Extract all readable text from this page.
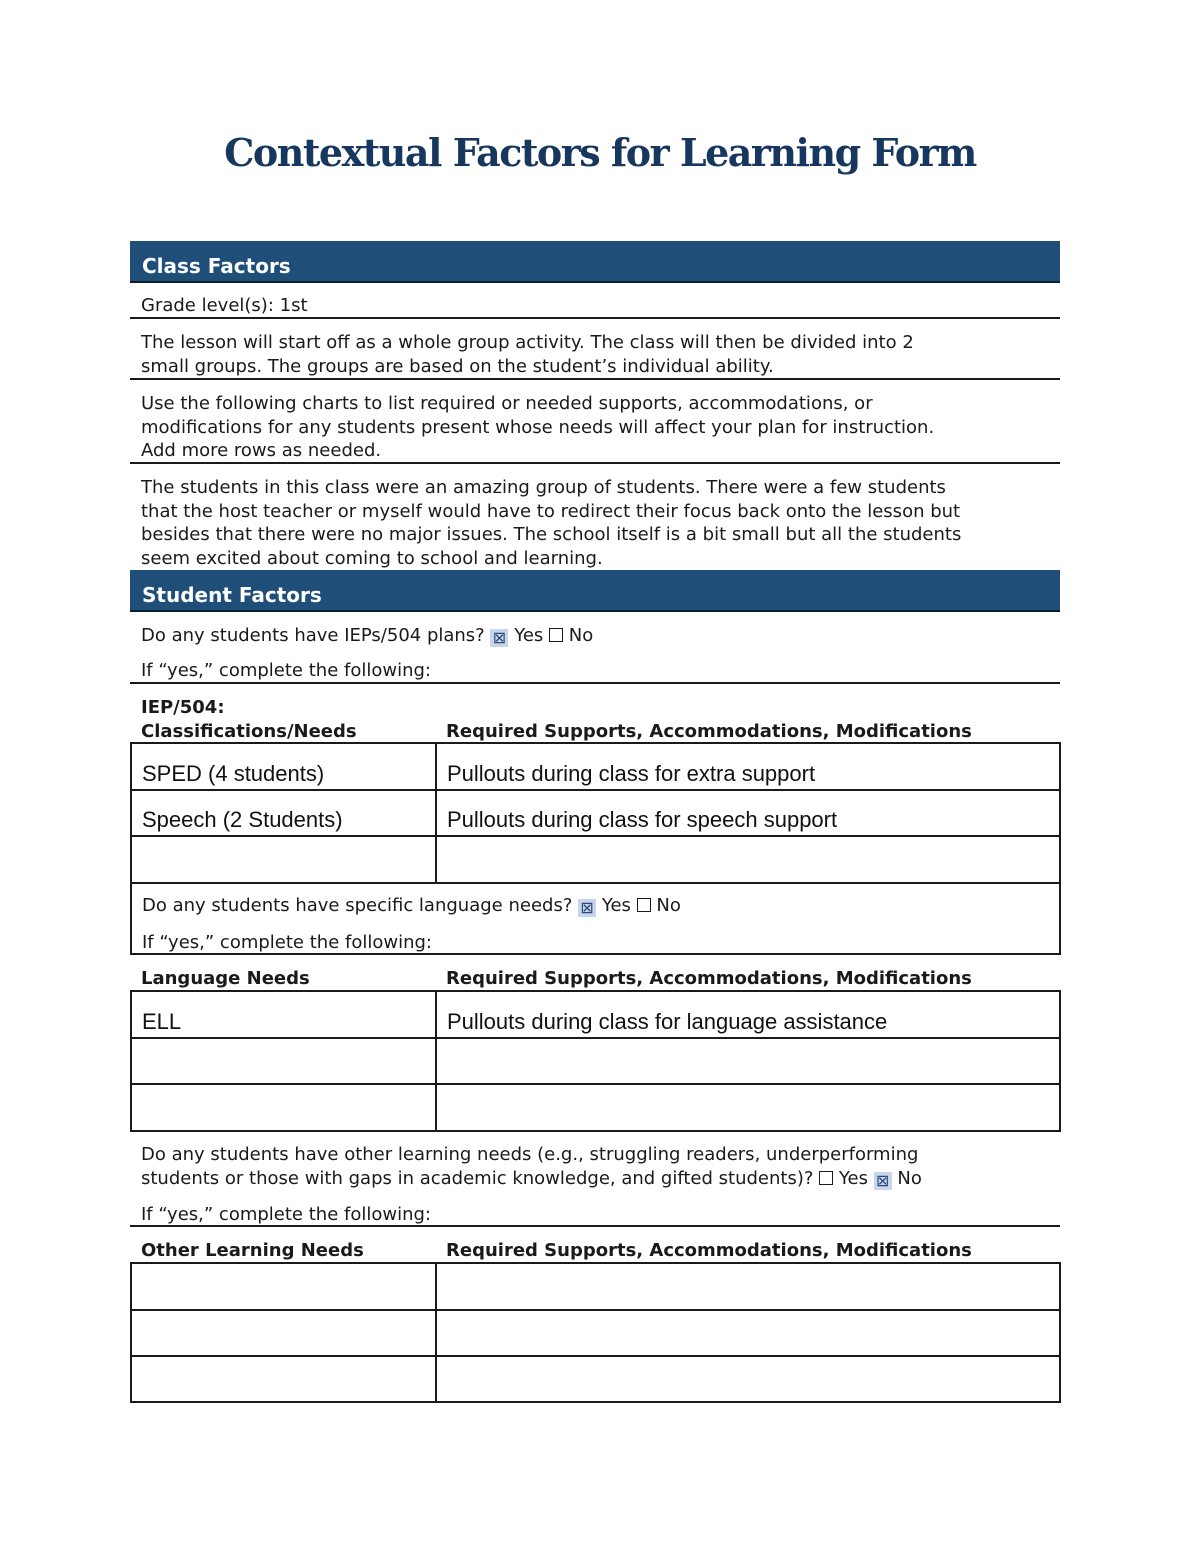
Contextual Factors for Learning Form
Class Factors
Grade level(s): 1st
The lesson will start off as a whole group activity. The class will then be divided into 2
small groups. The groups are based on the student’s individual ability.
Use the following charts to list required or needed supports, accommodations, or
modifications for any students present whose needs will affect your plan for instruction.
Add more rows as needed.
The students in this class were an amazing group of students. There were a few students
that the host teacher or myself would have to redirect their focus back onto the lesson but
besides that there were no major issues. The school itself is a bit small but all the students
seem excited about coming to school and learning.
Student Factors
Do any students have IEPs/504 plans? ⊠ Yes No
If “yes,” complete the following:
IEP/504:
Classifications/Needs	Required Supports, Accommodations, Modifications
SPED (4 students)	Pullouts during class for extra support
Speech (2 Students)	Pullouts during class for speech support

Do any students have specific language needs? ⊠ Yes No
If “yes,” complete the following:
Language Needs	Required Supports, Accommodations, Modifications
ELL	Pullouts during class for language assistance

Do any students have other learning needs (e.g., struggling readers, underperforming
students or those with gaps in academic knowledge, and gifted students)? Yes ⊠ No
If “yes,” complete the following:
Other Learning Needs	Required Supports, Accommodations, Modifications
